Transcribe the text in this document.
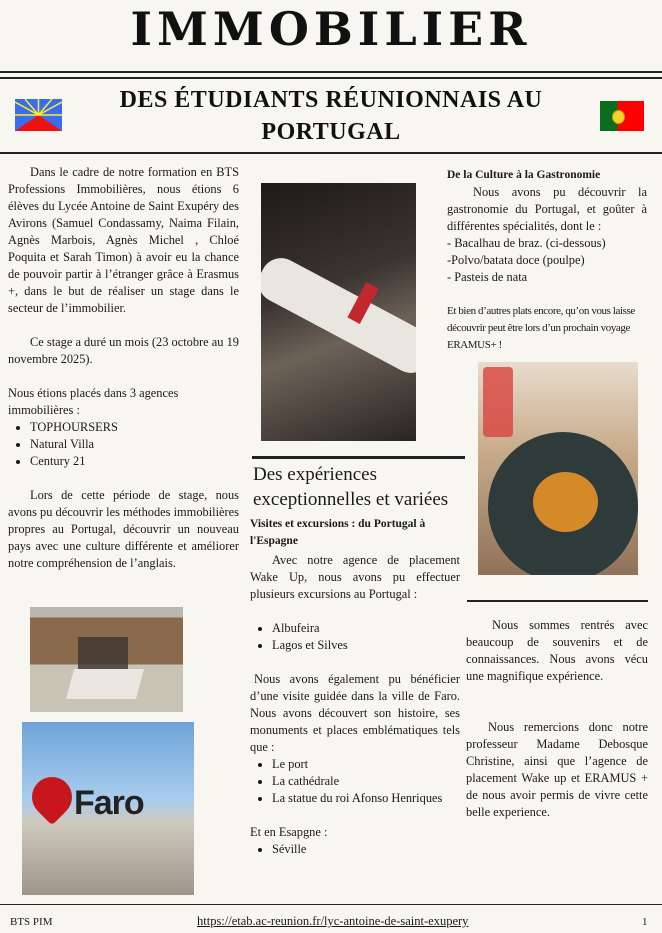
IMMOBILIER
DES ÉTUDIANTS RÉUNIONNAIS AU PORTUGAL

Dans le cadre de notre formation en BTS Professions Immobilières, nous étions 6 élèves du Lycée Antoine de Saint Exupéry des Avirons (Samuel Condassamy, Naima Filain, Agnès Marbois, Agnès Michel , Chloé Poquita et Sarah Timon) à avoir eu la chance de pouvoir partir à l’étranger grâce à Erasmus +, dans le but de réaliser un stage dans le secteur de l’immobilier.

Ce stage a duré un mois (23 octobre au 19 novembre 2025).

Nous étions placés dans 3 agences immobilières :

• TOPHOURSERS
• Natural Villa
• Century 21

Lors de cette période de stage, nous avons pu découvrir les méthodes immobilières propres au Portugal, découvrir un nouveau pays avec une culture différente et améliorer notre compréhension de l’anglais.

Faro
Des expériences exceptionnelles et variées

Visites et excursions : du Portugal à l'Espagne

Avec notre agence de placement Wake Up, nous avons pu effectuer plusieurs excursions au Portugal :

• Albufeira
• Lagos et Silves

Nous avons également pu bénéficier d’une visite guidée dans la ville de Faro. Nous avons découvert son histoire, ses monuments et places emblématiques tels que :

• Le port
• La cathédrale
• La statue du roi Afonso Henriques

Et en Esapgne :

• Séville

De la Culture à la Gastronomie

Nous avons pu découvrir la gastronomie du Portugal, et goûter à différentes spécialités, dont le :

- Bacalhau de braz. (ci-dessous)

-Polvo/batata doce (poulpe)

- Pasteis de nata

Et bien d’autres plats encore, qu’on vous laisse découvrir peut être lors d’un prochain voyage ERAMUS+ !

Nous sommes rentrés avec beaucoup de souvenirs et de connaissances. Nous avons vécu une magnifique expérience.

Nous remercions donc notre professeur Madame Debosque Christine, ainsi que l’agence de placement Wake up et ERAMUS + de nous avoir permis de vivre cette belle experience.

BTS PIM	https://etab.ac-reunion.fr/lyc-antoine-de-saint-exupery	1
